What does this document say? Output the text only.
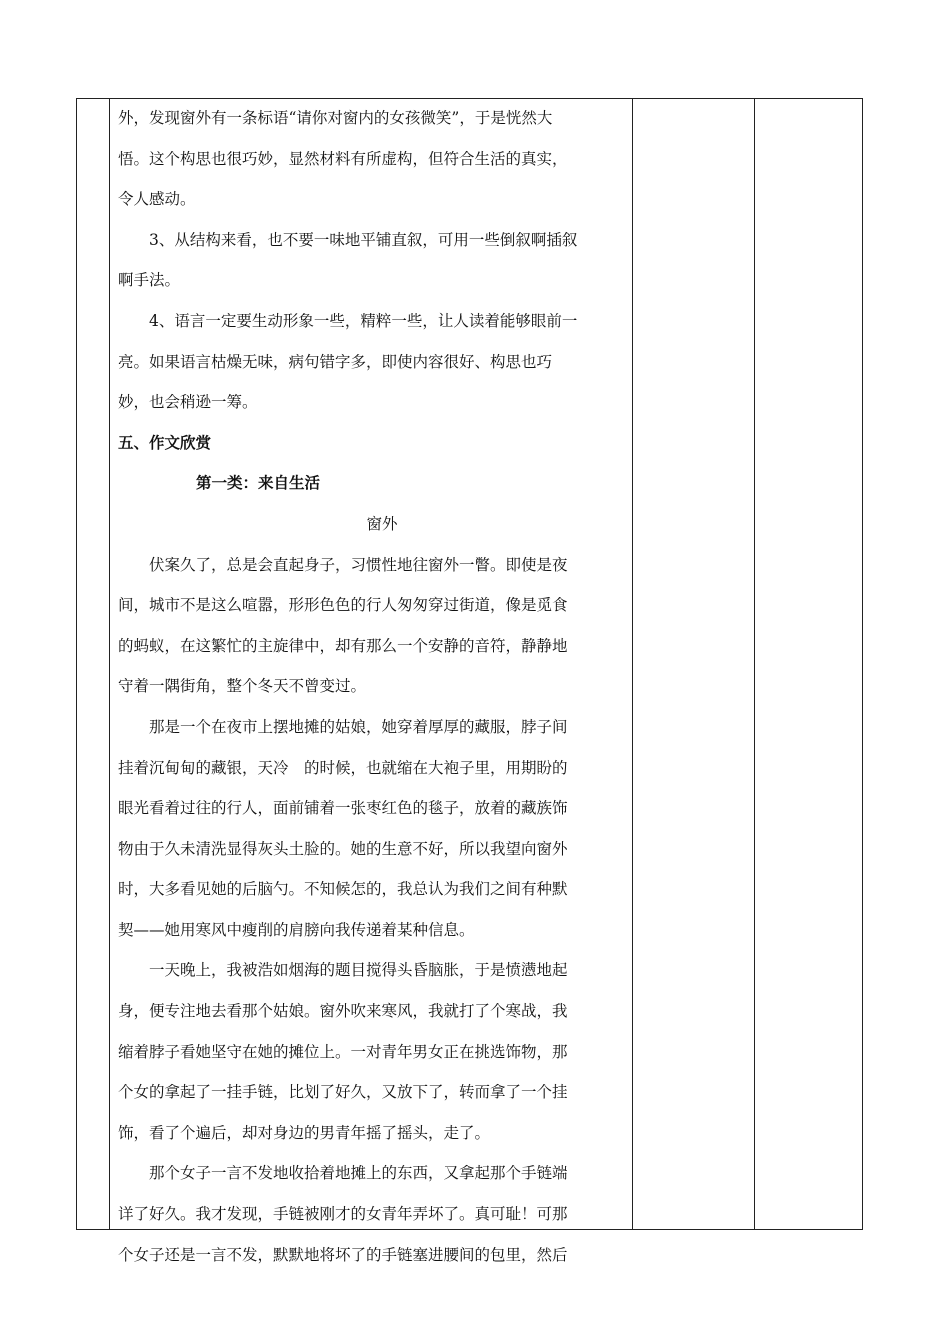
外，发现窗外有一条标语“请你对窗内的女孩微笑”，于是恍然大

悟。这个构思也很巧妙，显然材料有所虚构，但符合生活的真实，

令人感动。

3、从结构来看，也不要一味地平铺直叙，可用一些倒叙啊插叙

啊手法。

4、语言一定要生动形象一些，精粹一些，让人读着能够眼前一

亮。如果语言枯燥无味，病句错字多，即使内容很好、构思也巧

妙，也会稍逊一筹。

五、作文欣赏

第一类：来自生活

窗外

伏案久了，总是会直起身子，习惯性地往窗外一瞥。即使是夜

间，城市不是这么喧嚣，形形色色的行人匆匆穿过街道，像是觅食

的蚂蚁，在这繁忙的主旋律中，却有那么一个安静的音符，静静地

守着一隅街角，整个冬天不曾变过。

那是一个在夜市上摆地摊的姑娘，她穿着厚厚的藏服，脖子间

挂着沉甸甸的藏银，天冷　的时候，也就缩在大袍子里，用期盼的

眼光看着过往的行人，面前铺着一张枣红色的毯子，放着的藏族饰

物由于久未清洗显得灰头土脸的。她的生意不好，所以我望向窗外

时，大多看见她的后脑勺。不知候怎的，我总认为我们之间有种默

契——她用寒风中瘦削的肩膀向我传递着某种信息。

一天晚上，我被浩如烟海的题目搅得头昏脑胀，于是愤懑地起

身，便专注地去看那个姑娘。窗外吹来寒风，我就打了个寒战，我

缩着脖子看她坚守在她的摊位上。一对青年男女正在挑选饰物，那

个女的拿起了一挂手链，比划了好久，又放下了，转而拿了一个挂

饰，看了个遍后，却对身边的男青年摇了摇头，走了。

那个女子一言不发地收拾着地摊上的东西，又拿起那个手链端

详了好久。我才发现，手链被刚才的女青年弄坏了。真可耻！可那

个女子还是一言不发，默默地将坏了的手链塞进腰间的包里，然后
